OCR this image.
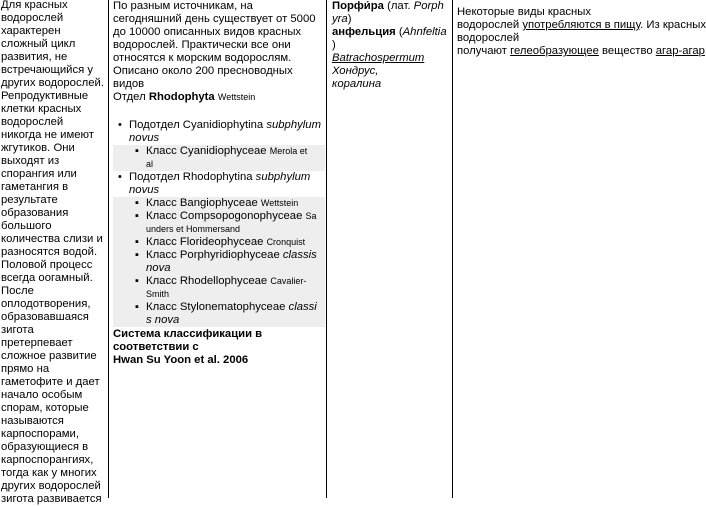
Для красных
водорослей
характерен
сложный цикл
развития, не
встречающийся у
других водорослей.
Репродуктивные
клетки красных
водорослей
никогда не имеют
жгутиков. Они
выходят из
спорангия или
гаметангия в
результате
образования
большого
количества слизи и
разносятся водой.
Половой процесс
всегда оогамный.
После
оплодотворения,
образовавшаяся
зигота
претерпевает
сложное развитие
прямо на
гаметофите и дает
начало особым
спорам, которые
называются
карпоспорами,
образующиеся в
карпоспорангиях,
тогда как у многих
других водорослей
зигота развивается
По разным источникам, на
сегодняшний день существует от 5000
до 10000 описанных видов красных
водорослей. Практически все они
относятся к морским водорослям.
Описано около 200 пресноводных
видов
Отдел Rhodophyta Wettstein
• Подотдел Cyanidiophytina subphylum
novus
▪ Класс Cyanidiophyceae Merola et
al
• Подотдел Rhodophytina subphylum
novus
▪ Класс Bangiophyceae Wettstein
▪ Класс Compsopogonophyceae Sa
unders et Hommersand
▪ Класс Florideophyceae Cronquist
▪ Класс Porphyridiophyceae classis
nova
▪ Класс Rhodellophyceae Cavalier-
Smith
▪ Класс Stylonematophyceae classi
s nova
Система классификации в
соответствии с
Hwan Su Yoon et al. 2006
Порфи́ра (лат. Porph
yra)
анфельция (Ahnfeltia
)
Batrachospermum
Хондрус,
коралина
Некоторые виды красных
водорослей употребляются в пищу. Из красных
водорослей
получают гелеобразующее вещество агар-агар
